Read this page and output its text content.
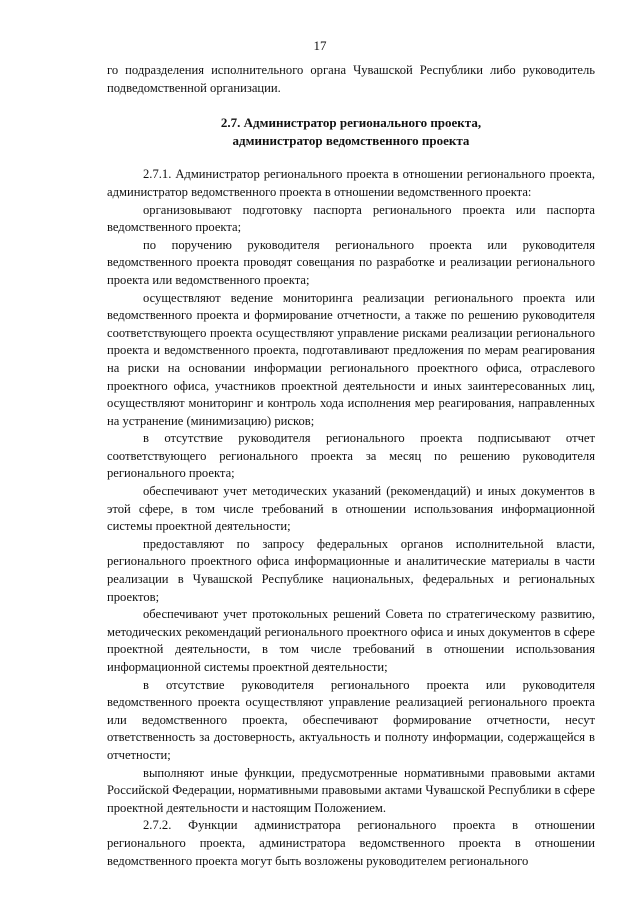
17

го подразделения исполнительного органа Чувашской Республики либо руководитель подведомственной организации.

2.7. Администратор регионального проекта,
администратор ведомственного проекта

2.7.1. Администратор регионального проекта в отношении регионального проекта, администратор ведомственного проекта в отношении ведомственного проекта:

организовывают подготовку паспорта регионального проекта или паспорта ведомственного проекта;

по поручению руководителя регионального проекта или руководителя ведомственного проекта проводят совещания по разработке и реализации регионального проекта или ведомственного проекта;

осуществляют ведение мониторинга реализации регионального проекта или ведомственного проекта и формирование отчетности, а также по решению руководителя соответствующего проекта осуществляют управление рисками реализации регионального проекта и ведомственного проекта, подготавливают предложения по мерам реагирования на риски на основании информации регионального проектного офиса, отраслевого проектного офиса, участников проектной деятельности и иных заинтересованных лиц, осуществляют мониторинг и контроль хода исполнения мер реагирования, направленных на устранение (минимизацию) рисков;

в отсутствие руководителя регионального проекта подписывают отчет соответствующего регионального проекта за месяц по решению руководителя регионального проекта;

обеспечивают учет методических указаний (рекомендаций) и иных документов в этой сфере, в том числе требований в отношении использования информационной системы проектной деятельности;

предоставляют по запросу федеральных органов исполнительной власти, регионального проектного офиса информационные и аналитические материалы в части реализации в Чувашской Республике национальных, федеральных и региональных проектов;

обеспечивают учет протокольных решений Совета по стратегическому развитию, методических рекомендаций регионального проектного офиса и иных документов в сфере проектной деятельности, в том числе требований в отношении использования информационной системы проектной деятельности;

в отсутствие руководителя регионального проекта или руководителя ведомственного проекта осуществляют управление реализацией регионального проекта или ведомственного проекта, обеспечивают формирование отчетности, несут ответственность за достоверность, актуальность и полноту информации, содержащейся в отчетности;

выполняют иные функции, предусмотренные нормативными правовыми актами Российской Федерации, нормативными правовыми актами Чувашской Республики в сфере проектной деятельности и настоящим Положением.

2.7.2. Функции администратора регионального проекта в отношении регионального проекта, администратора ведомственного проекта в отношении ведомственного проекта могут быть возложены руководителем регионального
